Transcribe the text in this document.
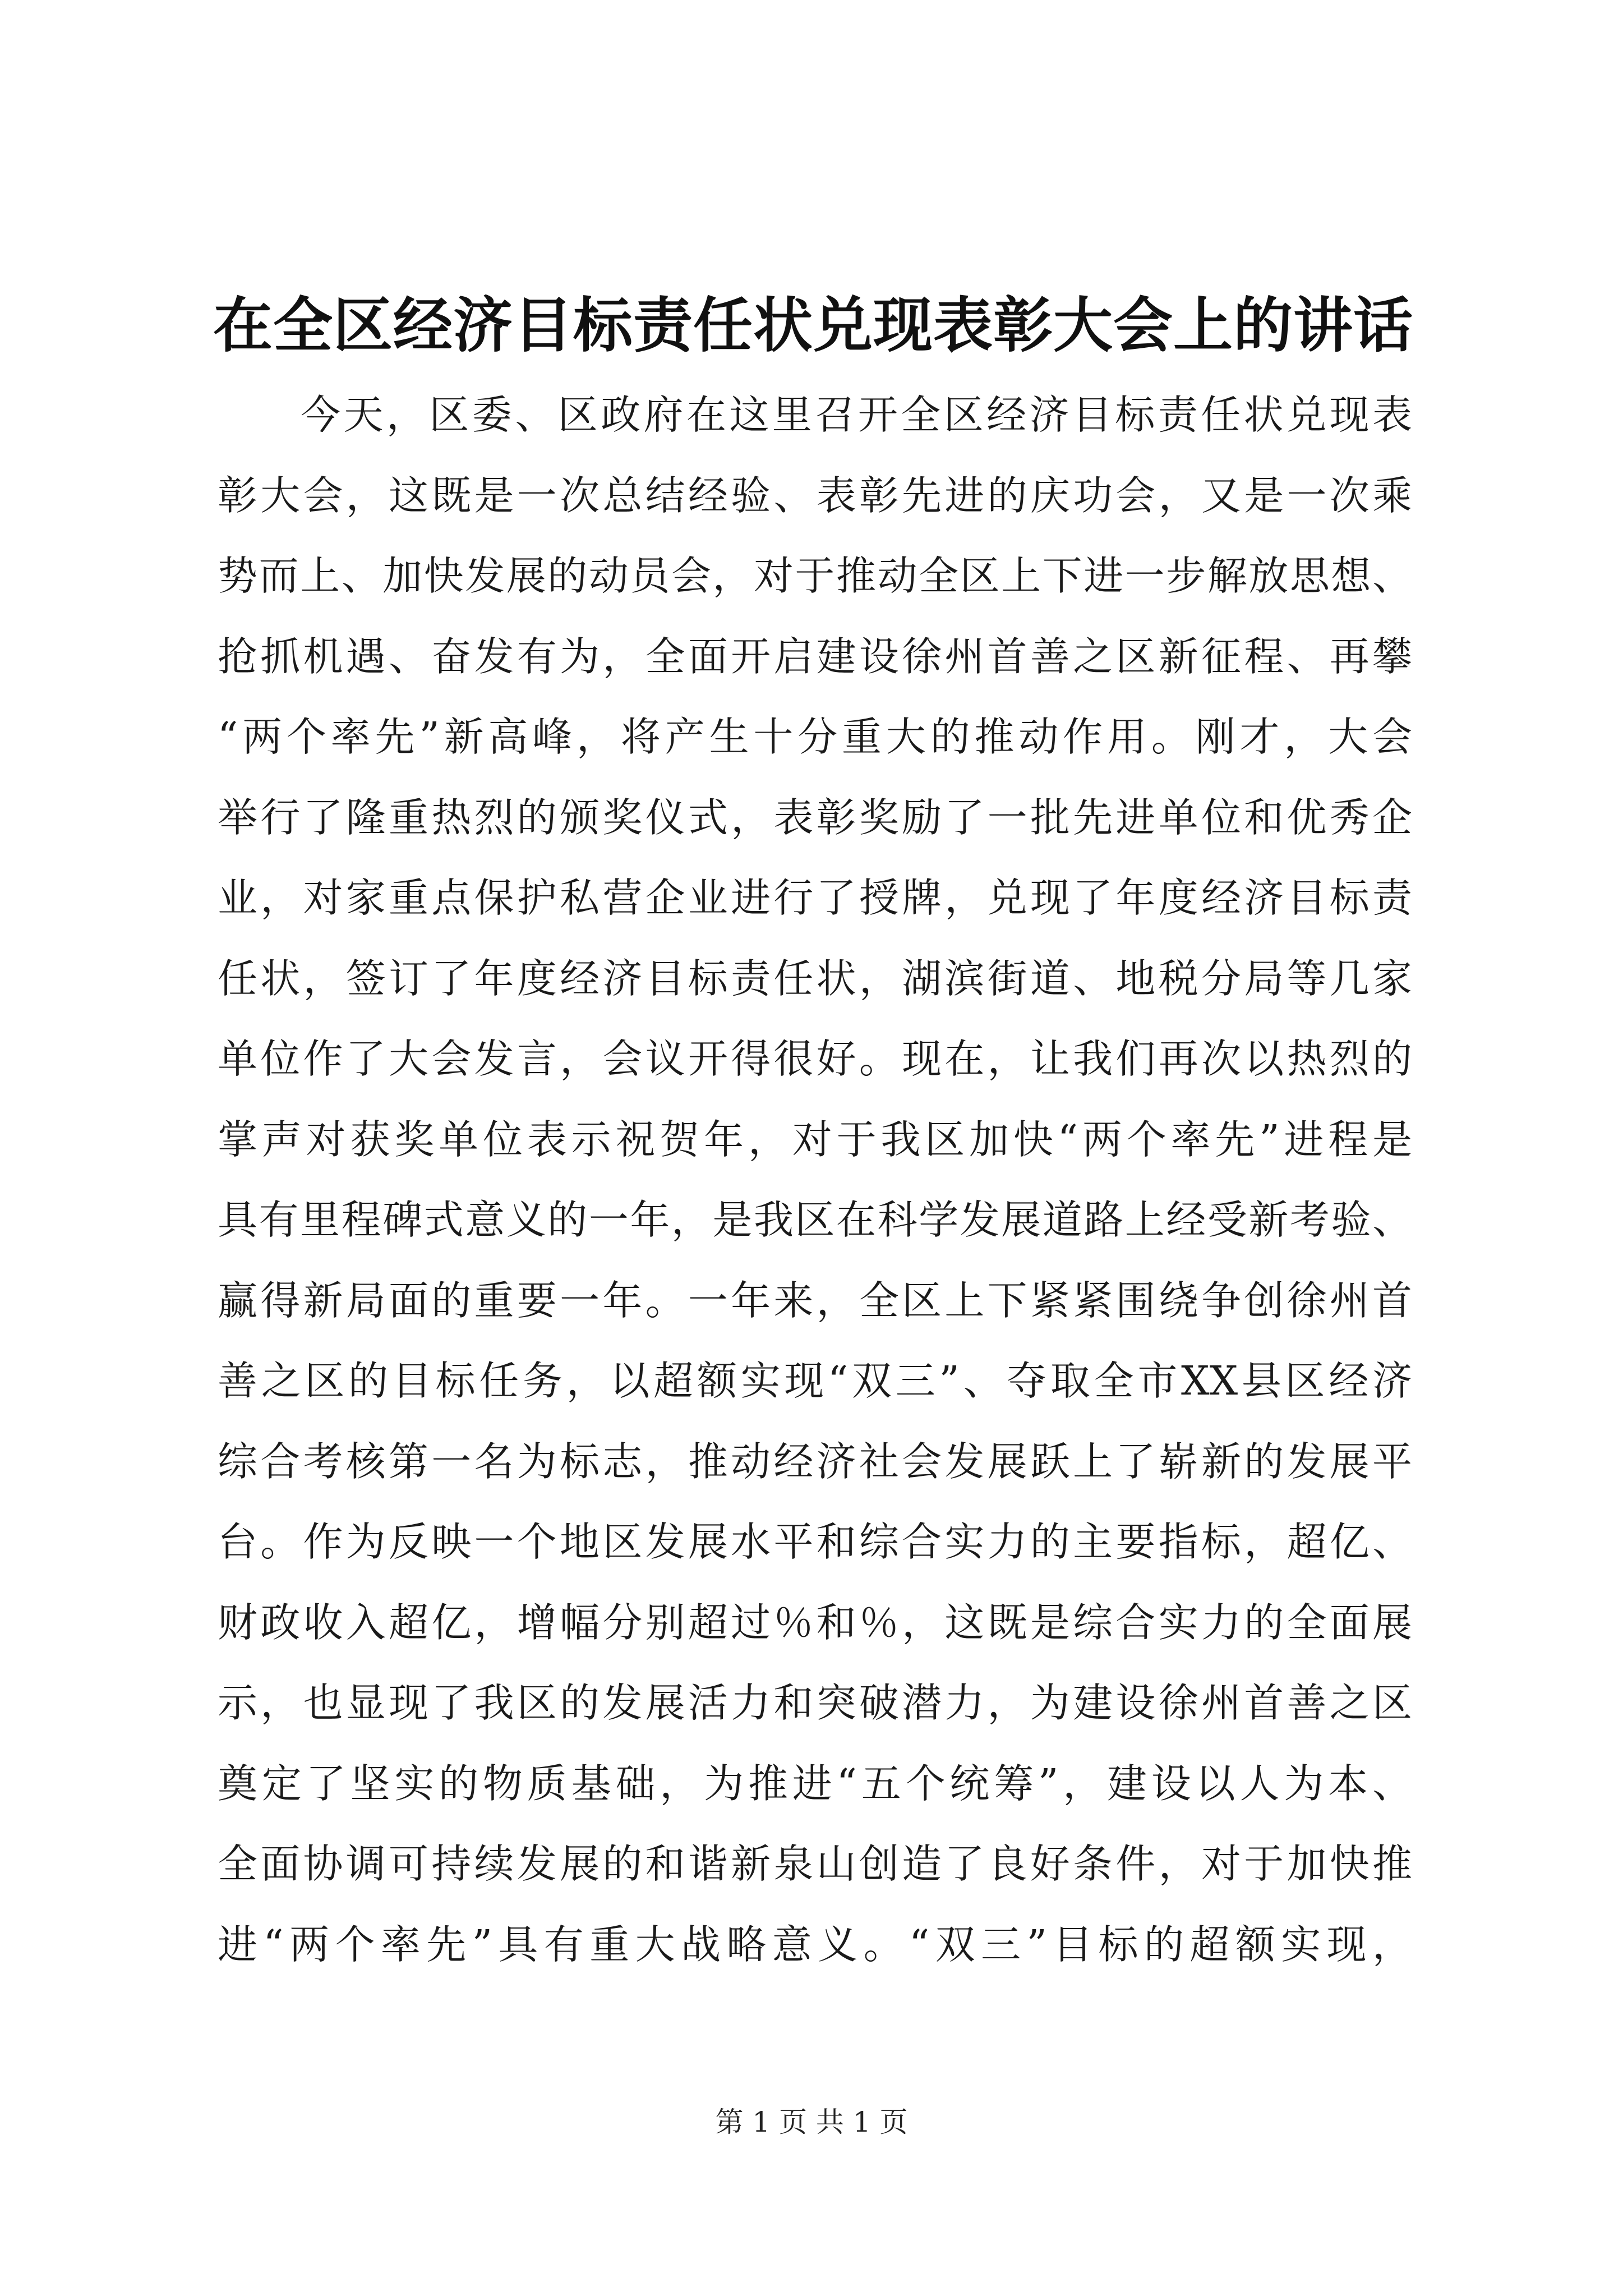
在全区经济目标责任状兑现表彰大会上的讲话
今天，区委、区政府在这里召开全区经济目标责任状兑现表
彰大会，这既是一次总结经验、表彰先进的庆功会，又是一次乘
势而上、加快发展的动员会，对于推动全区上下进一步解放思想、
抢抓机遇、奋发有为，全面开启建设徐州首善之区新征程、再攀
“两个率先”新高峰，将产生十分重大的推动作用。刚才，大会
举行了隆重热烈的颁奖仪式，表彰奖励了一批先进单位和优秀企
业，对家重点保护私营企业进行了授牌，兑现了年度经济目标责
任状，签订了年度经济目标责任状，湖滨街道、地税分局等几家
单位作了大会发言，会议开得很好。现在，让我们再次以热烈的
掌声对获奖单位表示祝贺年，对于我区加快“两个率先”进程是
具有里程碑式意义的一年，是我区在科学发展道路上经受新考验、
赢得新局面的重要一年。一年来，全区上下紧紧围绕争创徐州首
善之区的目标任务，以超额实现“双三”、夺取全市XX县区经济
综合考核第一名为标志，推动经济社会发展跃上了崭新的发展平
台。作为反映一个地区发展水平和综合实力的主要指标，超亿、
财政收入超亿，增幅分别超过％和％，这既是综合实力的全面展
示，也显现了我区的发展活力和突破潜力，为建设徐州首善之区
奠定了坚实的物质基础，为推进“五个统筹”，建设以人为本、
全面协调可持续发展的和谐新泉山创造了良好条件，对于加快推
进“两个率先”具有重大战略意义。“双三”目标的超额实现，
第 1 页 共 1 页
